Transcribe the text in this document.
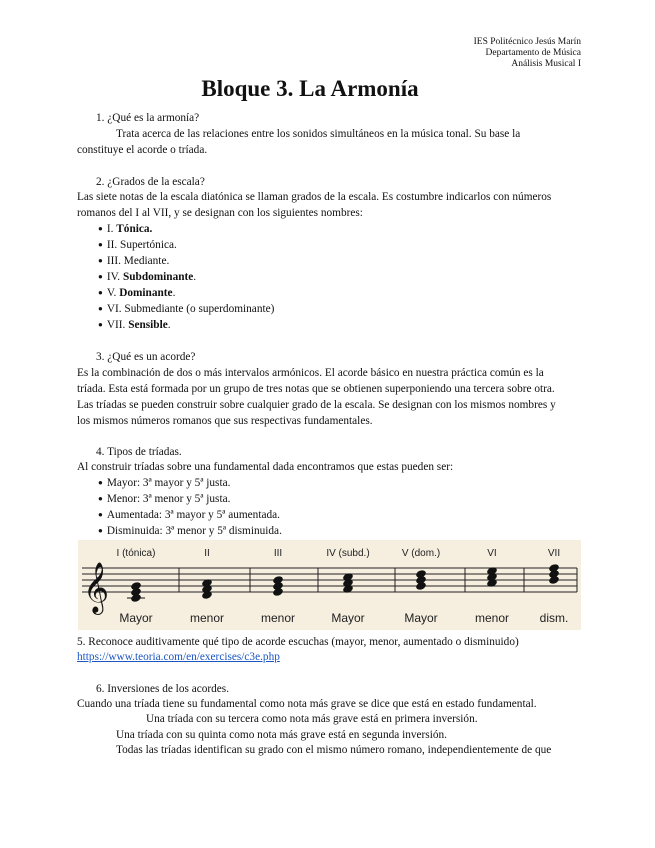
IES Politécnico Jesús Marín
Departamento de Música
Análisis Musical I
Bloque 3. La Armonía
1. ¿Qué es la armonía?
Trata acerca de las relaciones entre los sonidos simultáneos en la música tonal. Su base la
constituye el acorde o tríada.
2. ¿Grados de la escala?
Las siete notas de la escala diatónica se llaman grados de la escala. Es costumbre indicarlos con números
romanos del I al VII, y se designan con los siguientes nombres:
● I. Tónica.
● II. Supertónica.
● III. Mediante.
● IV. Subdominante.
● V. Dominante.
● VI. Submediante (o superdominante)
● VII. Sensible.
3. ¿Qué es un acorde?
Es la combinación de dos o más intervalos armónicos. El acorde básico en nuestra práctica común es la
tríada. Esta está formada por un grupo de tres notas que se obtienen superponiendo una tercera sobre otra.
Las tríadas se pueden construir sobre cualquier grado de la escala. Se designan con los mismos nombres y
los mismos números romanos que sus respectivas fundamentales.
4. Tipos de tríadas.
Al construir tríadas sobre una fundamental dada encontramos que estas pueden ser:
● Mayor: 3ª mayor y 5ª justa.
● Menor: 3ª menor y 5ª justa.
● Aumentada: 3ª mayor y 5ª aumentada.
● Disminuida: 3ª menor y 5ª disminuida.
𝄞
I (tónica)	II	III	IV (subd.)	V (dom.)	VI	VII
Mayor	menor	menor	Mayor	Mayor	menor	dism.
5. Reconoce auditivamente qué tipo de acorde escuchas (mayor, menor, aumentado o disminuido)
https://www.teoria.com/en/exercises/c3e.php
6. Inversiones de los acordes.
Cuando una tríada tiene su fundamental como nota más grave se dice que está en estado fundamental.
Una tríada con su tercera como nota más grave está en primera inversión.
Una tríada con su quinta como nota más grave está en segunda inversión.
Todas las tríadas identifican su grado con el mismo número romano, independientemente de que
